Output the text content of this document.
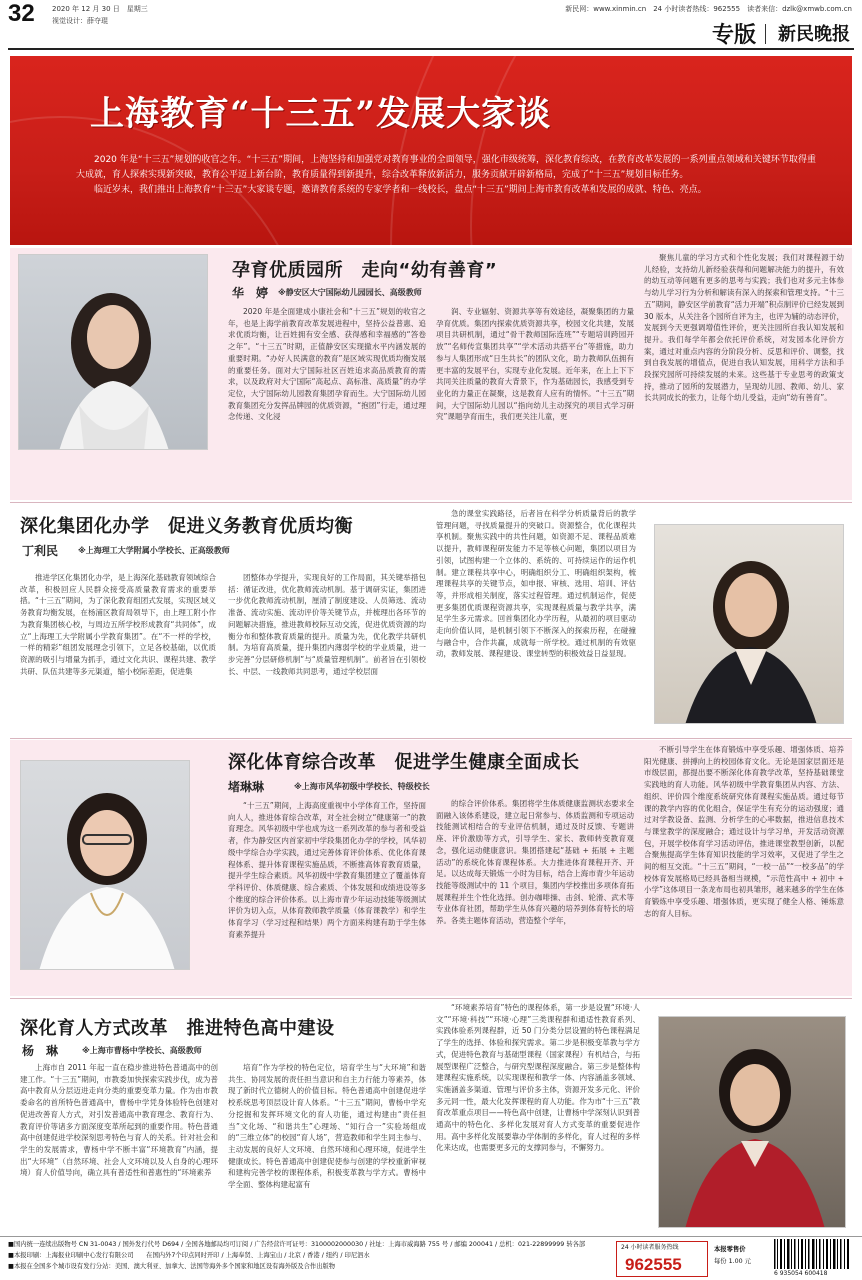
32 2020 年 12 月 30 日　星期三
视觉设计：薛夺琨
新民网：www.xinmin.cn　24 小时读者热线：962555　读者来信：dzlk@xmwb.com.cn
专版 新民晚报
上海教育“十三五”发展大家谈

2020 年是“十三五”规划的收官之年。“十三五”期间，上海坚持和加强党对教育事业的全面领导，强化市级统筹，深化教育综改，在教育改革发展的一系列重点领域和关键环节取得重大成就，育人探索实现新突破，教育公平迈上新台阶，教育质量得到新提升，综合改革释放新活力，服务贡献开辟新格局，完成了“十三五”规划目标任务。

临近岁末，我们推出上海教育“十三五”大家谈专题，邀请教育系统的专家学者和一线校长，盘点“十三五”期间上海市教育改革和发展的成就、特色、亮点。

孕育优质园所　走向“幼有善育”
华　婷 ※静安区大宁国际幼儿园园长、高级教师

2020 年是全面建成小康社会和“十三五”规划的收官之年，也是上海学前教育改革发展进程中，坚持公益普惠、追求优质均衡，让百姓拥有安全感、获得感和幸福感的“答卷之年”。“十三五”时期，正值静安区实现撤水平内涵发展的重要时期。“办好人民满意的教育”是区域实现优质均衡发展的重要任务。面对大宁国际社区百姓追求高品质教育的需求，以及政府对大宁国际“高起点、高标准、高质量”的办学定位，大宁国际幼儿园教育集团孕育而生。大宁国际幼儿园教育集团充分发挥品牌园的优质资源，“抱团”行走，通过理念传递、文化浸

润、专业辐射、资源共享等有效途径，凝聚集团的力量孕育优质。集团内探索优质资源共享，校园文化共建，发展项目共研机制，通过“骨干教师国际连班”“专题培训跨园开放”“名师传宣集团共享”“学术活动共搭平台”等措施，助力参与人集团形成“日生共长”的团队文化，助力教师队伍拥有更丰富的发展平台，实现专业化发展。近年来，在上上下下共同关注质量的教育大背景下，作为基础园长，我感受到专业化的力量正在凝聚，这是教育人应有的情怀。“十三五”期间，大宁国际幼儿园以“指向幼儿主动探究的项目式学习研究”课题孕育而生，我们更关注儿童，更

聚焦儿童的学习方式和个性化发展；我们对课程源于幼儿经验，支持幼儿新经验获得和问题解决能力的提升，有效的幼互动等问题有更多的思考与实践；我们也对多元主体参与幼儿学习行为分析和解读有深入的探索和管理支持。“十三五”期间，静安区学前教育“活力开端”积点制评价已经发展到 30 版本，从关注各个园所自评为主，也评为辅的动态评价，发展到今天更强调增值性评价，更关注园所自我认知发展和提升。我们每学年都会依托评价系统，对发园本化评价方案，通过对重点内容的分阶段分析、反思和评价、调整，找到自我发展的增值点，促进自我认知发展，用科学方法和手段探究园所可持续发展的未来。这些基于专业思考的政策支持，推动了园所的发展潜力，呈现幼儿园、教师、幼儿、家长共同成长的张力，让每个幼儿受益，走向“幼有善育”。

深化集团化办学　促进义务教育优质均衡
丁利民 ※上海理工大学附属小学校长、正高级教师

推进学区化集团化办学，是上海深化基础教育领域综合改革，积极回应人民群众接受高质量教育需求的重要举措。“十三五”期间，为了深化教育组团式发展，实现区域义务教育均衡发展，在杨浦区教育局领导下，由上理工附小作为教育集团核心校，与周边五所学校形成教育“共同体”，成立“上海理工大学附属小学教育集团”。在“不一样的学校，一样的精彩”组团发展理念引领下，立足各校基础，以优质资源的吸引与增量为抓手，通过文化共识、课程共建、教学共研、队伍共建等多元渠道，缩小校际差距，促进集

团整体办学提升，实现良好的工作局面，其关键举措包括：循证改进，优化教师流动机制。基于调研实证，集团进一步优化教师流动机制，厘清了制度建设、人员筛选、流动准备、流动实施、流动评价等关键节点，并梳理出各环节的问题解决措施，推进教师校际互动交流，促进优质资源的均衡分布和整体教育质量的提升。质量为先，优化教学共研机制。为培育高质量，提升集团内薄弱学校的学业质量，进一步完善“分层研修机制”与“质量管理机制”。前者旨在引领校长、中层、一线教师共同思考，通过学校层面

急的课堂实践路径，后者旨在科学分析质量背后的教学管理问题，寻找质量提升的突破口。资源整合，优化课程共享机制。聚焦实践中的共性问题，如资源不足、课程品质难以提升，教师课程研发能力不足等核心问题，集团以项目为引领，试图构建一个立体的、系统的、可持续运作的运作机制。建立课程共享中心，明确组织分工、明确组织架构，梳理课程共享的关键节点，如申报、审核、选用、培训、评估等，并形成相关制度，落实过程管理。通过机制运作，促使更多集团优质课程资源共享，实现课程质量与教学共享，满足学生多元需求。回首集团化办学历程，从最初的项目驱动走向价值认同，是机制引领下不断深入的探索历程，在碰撞与融合中，合作共赢，成就每一所学校。通过机制的有效驱动，教师发展、课程建设、课堂转型的积极效益日益显现。

深化体育综合改革　促进学生健康全面成长
堵琳琳	※上海市风华初级中学校长、特级校长

“十三五”期间，上海高度重视中小学体育工作，坚持面向人人，推进体育综合改革，对全社会树立“健康第一”的教育理念。风华初级中学也成为这一系列改革的参与者和受益者，作为静安区内首家初中学段集团化办学的学校，风华初级中学综合办学实践，通过完善体育评价体系、优化体育课程体系、提升体育课程实施品质，不断推高体育教育质量，提升学生综合素质。风华初级中学教育集团建立了覆盖体育学科评价、体质健康、综合素质、个体发展和成绩进设等多个维度的综合评价体系。以上海市青少年运动技能等级测试评价为切入点，从体育教师教学质量（体育课教学）和学生体育学习（学习过程和结果）两个方面来构建有助于学生体育素养提升

的综合评价体系。集团将学生体质健康监测状态要求全面融入该体系建设，建立起日常参与、体质监测和专项运动技能测试相结合的专业评估机制，通过及时反馈、专题讲座、评价激励等方式，引导学生、家长、教师转变教育观念，强化运动健康意识。集团搭建起“基础 + 拓展 + 主题活动”的系统化体育课程体系。大力推进体育课程开齐、开足。以达成每天锻炼一小时为目标，结合上海市青少年运动技能等级测试中的 11 个项目，集团内学校推出多项体育拓展课程并生个性化选择。创办咖啡操、击剑、轮滑、武术等专业体育社团，帮助学生从体育兴趣的培养到体育特长的培养。各类主题体育活动，营造整个学年，

不断引导学生在体育锻炼中享受乐趣、增强体质、培养阳光健康、拼搏向上的校园体育文化。无论是国家层面还是市级层面，都提出要不断深化体育教学改革，坚持基础课堂实践地的育人功能。风华初级中学教育集团从内容、方法、组织、评价四个维度系统研究体育课程实施品质。通过每节课的教学内容的优化组合，保证学生有充分的运动强度；通过对学教设备、监测、分析学生的心率数据，推进信息技术与课堂教学的深度融合；通过设计与学习单，开发活动资源包，开展学校体育学习活动评估，推进课堂教型创新，以配合聚焦提高学生体育知识技能的学习效率，又促进了学生之间的相互交流。“十三五”期间，“一校一品”“一校多品”的学校体育发展格局已经具备相当规模，“示范性高中 + 初中 + 小学”这体项目一条龙布局也初具雏形，越来越多的学生在体育锻炼中享受乐趣、增强体质，更实现了健全人格、锤炼意志的育人目标。

深化育人方式改革　推进特色高中建设
杨　琳	※上海市曹杨中学校长、高级教师

上海市自 2011 年起一直在稳步推进特色普通高中的创建工作。“十三五”期间，市教委加快探索实践步伐，成为普高中教育从分层迈进走向分类的重要变革力量。作为由市教委命名的首所特色普通高中，曹杨中学凭身体验特色创建对促进改善育人方式，对引发普通高中教育理念、教育行为、教育评价等诸多方面深度变革所起到的重要作用。特色普通高中创建促进学校深刻思考特色与育人的关系。针对社会和学生的发展需求，曹杨中学不断丰富“环境教育”内涵，提出“大环境”（自然环境、社会人文环境以及人自身的心理环境）育人价值导向，确立具有普适性和普惠性的“环境素养

培育”作为学校的特色定位，培育学生与“大环境”和谐共生、协同发展的责任担当意识和自主力行能力等素养，体现了新时代立德树人的价值目标。特色普通高中创建促进学校系统思考顶层设计育人体系。“十三五”期间，曹杨中学充分挖掘和发挥环境文化的育人功能，通过构建由“责任担当”文化场、“和谐共生”心理场、“知行合一”实验场组成的“三维立体”的校园“育人场”，营造教师和学生同主参与、主动发展的良好人文环境、自然环境和心理环境，促进学生健康成长。特色普通高中创建促使参与创建的学校重新审视和建构完善学校的课程体系，积极变革教与学方式。曹杨中学全面、整体构建起富有

“环境素养培育”特色的课程体系，第一步是设置“环境·人文”“环境·科技”“环境·心理”三类课程群和通适性教育系列、实践体验系列课程群，近 50 门分类分层设置的特色课程满足了学生的选择、体验和探究需求。第二步是积极变革教与学方式，促进特色教育与基础型课程（国家课程）有机结合，与拓展型课程广泛整合，与研究型课程深度融合。第三步是整体构建课程实施系统，以实现课程和教学一体、内容涵盖多领域、实施涵盖多渠道、管理与评价多主体，资源开发多元化、评价多元同一性，最大化发挥课程的育人功能。作为市“十三五”教育改革重点项目——特色高中创建，让曹杨中学深刻认识到普通高中的特色化、多样化发展对育人方式变革的重要促进作用。高中多样化发展要靠办学体制的多样化，育人过程的多样化来达成，也需要更多元的支撑同参与，不懈努力。

■国内统一连续出版物号 CN 31-0043 / 国外发行代号 D694 / 全国各地邮局均可订阅 / 广告经营许可证号：3100002000030 / 社址：上海市威海路 755 号 / 邮编 200041 / 总机：021-22899999 转各部
■本报印刷：上海报业印刷中心发行有限公司　　在国内外7个印点同时开印 / 上海奉贤、上海宝山 / 北京 / 香港 / 纽约 / 印尼泗水
■本报在全国多个城市设有发行分站：美国、澳大利亚、加拿大、法国等海外多个国家和地区设有海外版及合作出版物
24 小时读者服务热线
962555
本报零售价
每份 1.00 元
6 935054 600418
